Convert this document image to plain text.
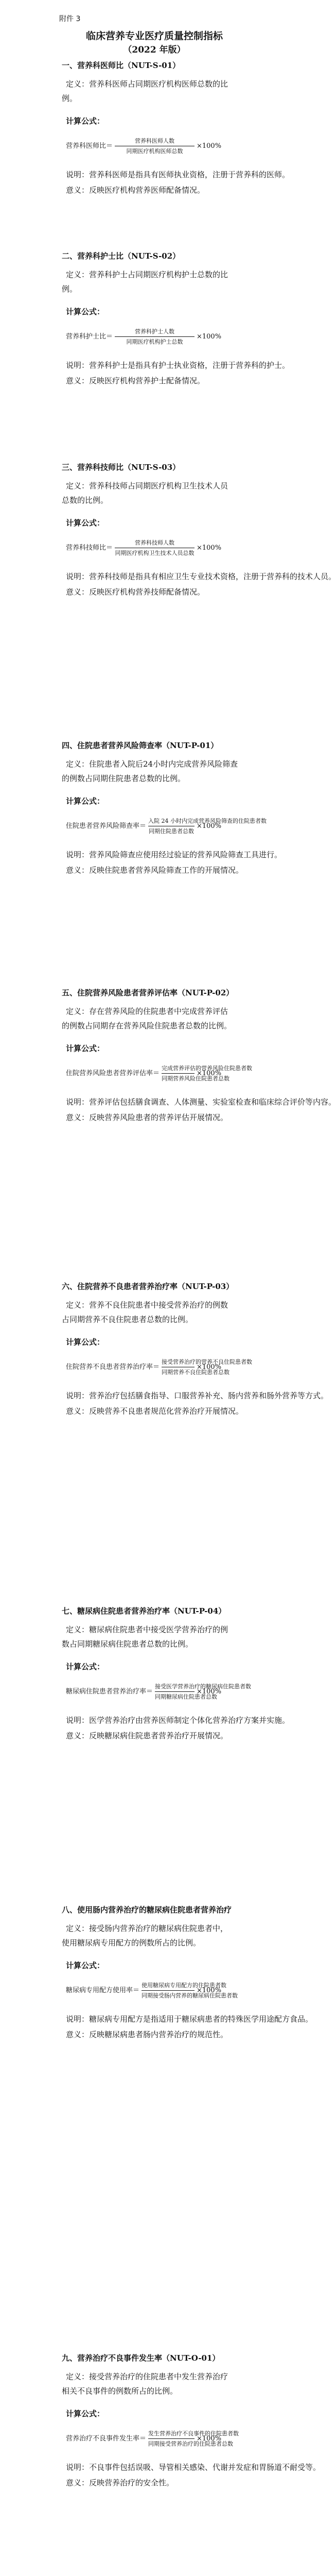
附件 3
临床营养专业医疗质量控制指标
（2022 年版）
一、营养科医师比（NUT-S-01）
定义：营养科医师占同期医疗机构医师总数的比
例。
计算公式：
营养科医师比＝
营养科医师人数
同期医疗机构医师总数
×100%
说明：营养科医师是指具有医师执业资格，注册于营养科的医师。
意义：反映医疗机构营养医师配备情况。
二、营养科护士比（NUT-S-02）
定义：营养科护士占同期医疗机构护士总数的比
例。
计算公式：
营养科护士比＝
营养科护士人数
同期医疗机构护士总数
×100%
说明：营养科护士是指具有护士执业资格，注册于营养科的护士。
意义：反映医疗机构营养护士配备情况。
三、营养科技师比（NUT-S-03）
定义：营养科技师占同期医疗机构卫生技术人员
总数的比例。
计算公式：
营养科技师比＝
营养科技师人数
同期医疗机构卫生技术人员总数
×100%
说明：营养科技师是指具有相应卫生专业技术资格，注册于营养科的技术人员。
意义：反映医疗机构营养技师配备情况。
四、住院患者营养风险筛查率（NUT-P-01）
定义：住院患者入院后24小时内完成营养风险筛查
的例数占同期住院患者总数的比例。
计算公式：
住院患者营养风险筛查率＝
入院 24 小时内完成营养风险筛查的住院患者数
同期住院患者总数
×100%
说明：营养风险筛查应使用经过验证的营养风险筛查工具进行。
意义：反映住院患者营养风险筛查工作的开展情况。
五、住院营养风险患者营养评估率（NUT-P-02）
定义：存在营养风险的住院患者中完成营养评估
的例数占同期存在营养风险住院患者总数的比例。
计算公式：
住院营养风险患者营养评估率＝
完成营养评估的营养风险住院患者数
同期营养风险住院患者总数
×100%
说明：营养评估包括膳食调查、人体测量、实验室检查和临床综合评价等内容。
意义：反映营养风险患者的营养评估开展情况。
六、住院营养不良患者营养治疗率（NUT-P-03）
定义：营养不良住院患者中接受营养治疗的例数
占同期营养不良住院患者总数的比例。
计算公式：
住院营养不良患者营养治疗率＝
接受营养治疗的营养不良住院患者数
同期营养不良住院患者总数
×100%
说明：营养治疗包括膳食指导、口服营养补充、肠内营养和肠外营养等方式。
意义：反映营养不良患者规范化营养治疗开展情况。
七、糖尿病住院患者营养治疗率（NUT-P-04）
定义：糖尿病住院患者中接受医学营养治疗的例
数占同期糖尿病住院患者总数的比例。
计算公式：
糖尿病住院患者营养治疗率＝
接受医学营养治疗的糖尿病住院患者数
同期糖尿病住院患者总数
×100%
说明：医学营养治疗由营养医师制定个体化营养治疗方案并实施。
意义：反映糖尿病住院患者营养治疗开展情况。
八、使用肠内营养治疗的糖尿病住院患者营养治疗
定义：接受肠内营养治疗的糖尿病住院患者中，
使用糖尿病专用配方的例数所占的比例。
计算公式：
糖尿病专用配方使用率＝
使用糖尿病专用配方的住院患者数
同期接受肠内营养的糖尿病住院患者数
×100%
说明：糖尿病专用配方是指适用于糖尿病患者的特殊医学用途配方食品。
意义：反映糖尿病患者肠内营养治疗的规范性。
九、营养治疗不良事件发生率（NUT-O-01）
定义：接受营养治疗的住院患者中发生营养治疗
相关不良事件的例数所占的比例。
计算公式：
营养治疗不良事件发生率＝
发生营养治疗不良事件的住院患者数
同期接受营养治疗的住院患者总数
×100%
说明：不良事件包括误吸、导管相关感染、代谢并发症和胃肠道不耐受等。
意义：反映营养治疗的安全性。
